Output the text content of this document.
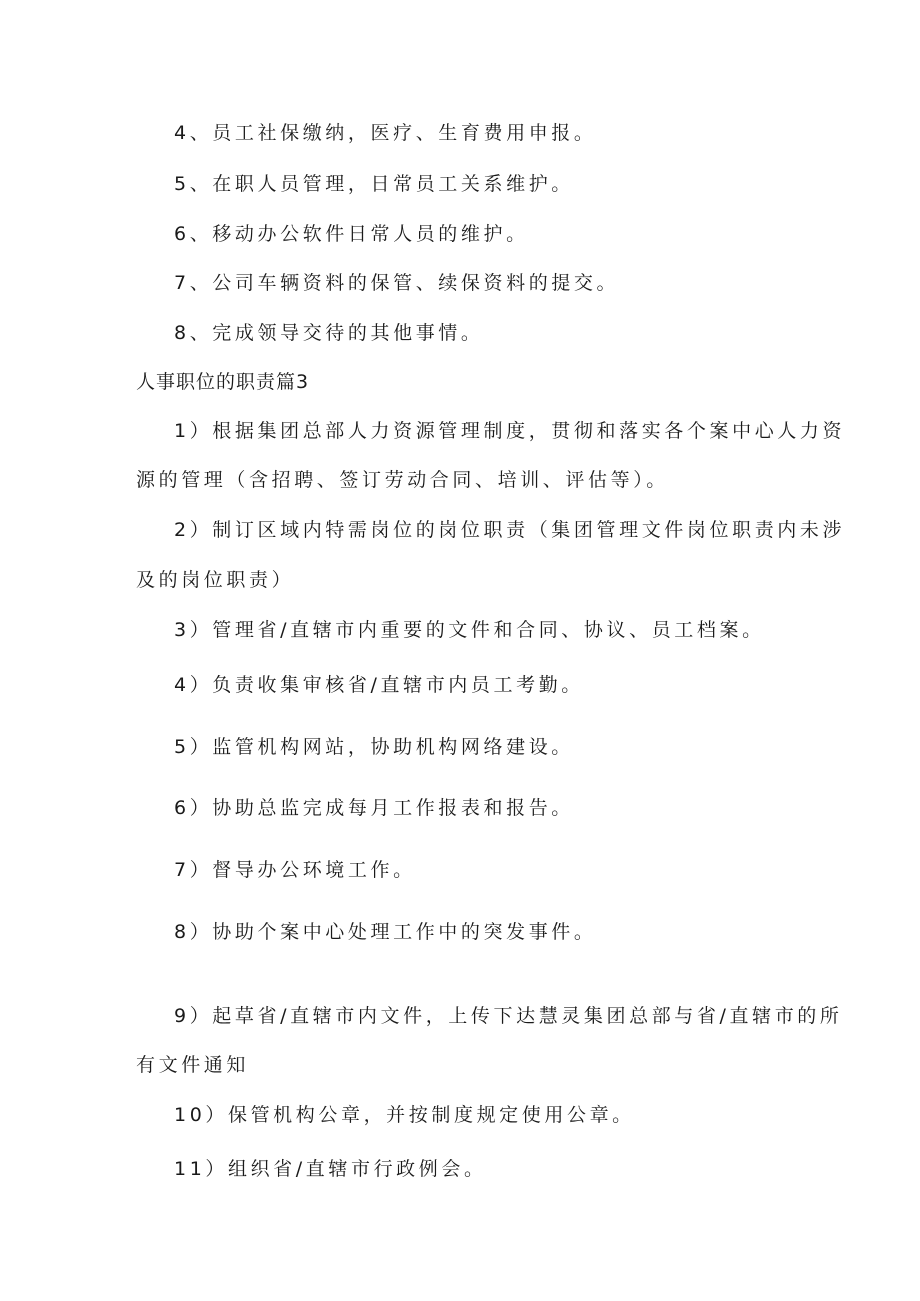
4、员工社保缴纳，医疗、生育费用申报。
5、在职人员管理，日常员工关系维护。
6、移动办公软件日常人员的维护。
7、公司车辆资料的保管、续保资料的提交。
8、完成领导交待的其他事情。
人事职位的职责篇3
1）根据集团总部人力资源管理制度，贯彻和落实各个案中心人力资
源的管理（含招聘、签订劳动合同、培训、评估等）。
2）制订区域内特需岗位的岗位职责（集团管理文件岗位职责内未涉
及的岗位职责）
3）管理省/直辖市内重要的文件和合同、协议、员工档案。
4）负责收集审核省/直辖市内员工考勤。
5）监管机构网站，协助机构网络建设。
6）协助总监完成每月工作报表和报告。
7）督导办公环境工作。
8）协助个案中心处理工作中的突发事件。
9）起草省/直辖市内文件，上传下达慧灵集团总部与省/直辖市的所
有文件通知
10）保管机构公章，并按制度规定使用公章。
11）组织省/直辖市行政例会。
